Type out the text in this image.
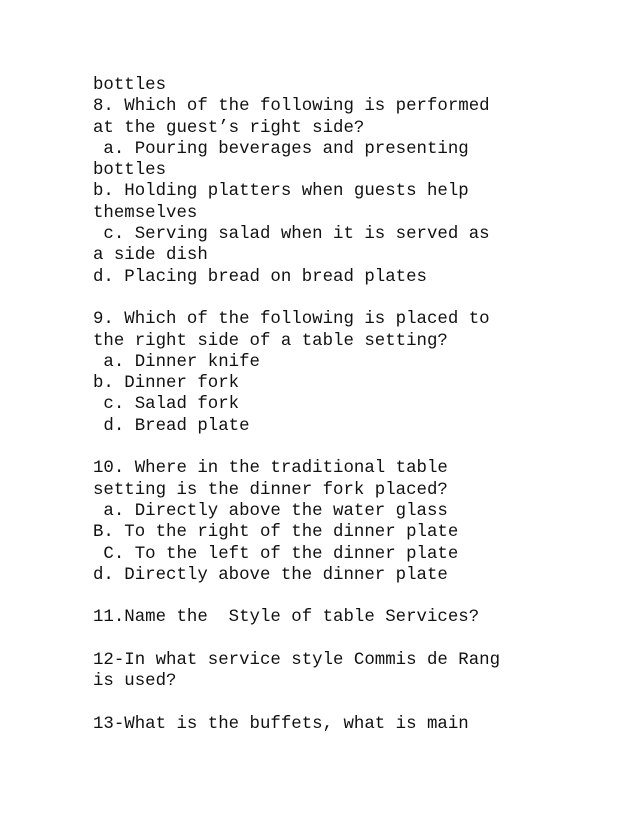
bottles
8. Which of the following is performed
at the guest’s right side?
a. Pouring beverages and presenting
bottles
b. Holding platters when guests help
themselves
c. Serving salad when it is served as
a side dish
d. Placing bread on bread plates
9. Which of the following is placed to
the right side of a table setting?
a. Dinner knife
b. Dinner fork
c. Salad fork
d. Bread plate
10. Where in the traditional table
setting is the dinner fork placed?
a. Directly above the water glass
B. To the right of the dinner plate
C. To the left of the dinner plate
d. Directly above the dinner plate
11.Name the  Style of table Services?
12-In what service style Commis de Rang
is used?
13-What is the buffets, what is main
